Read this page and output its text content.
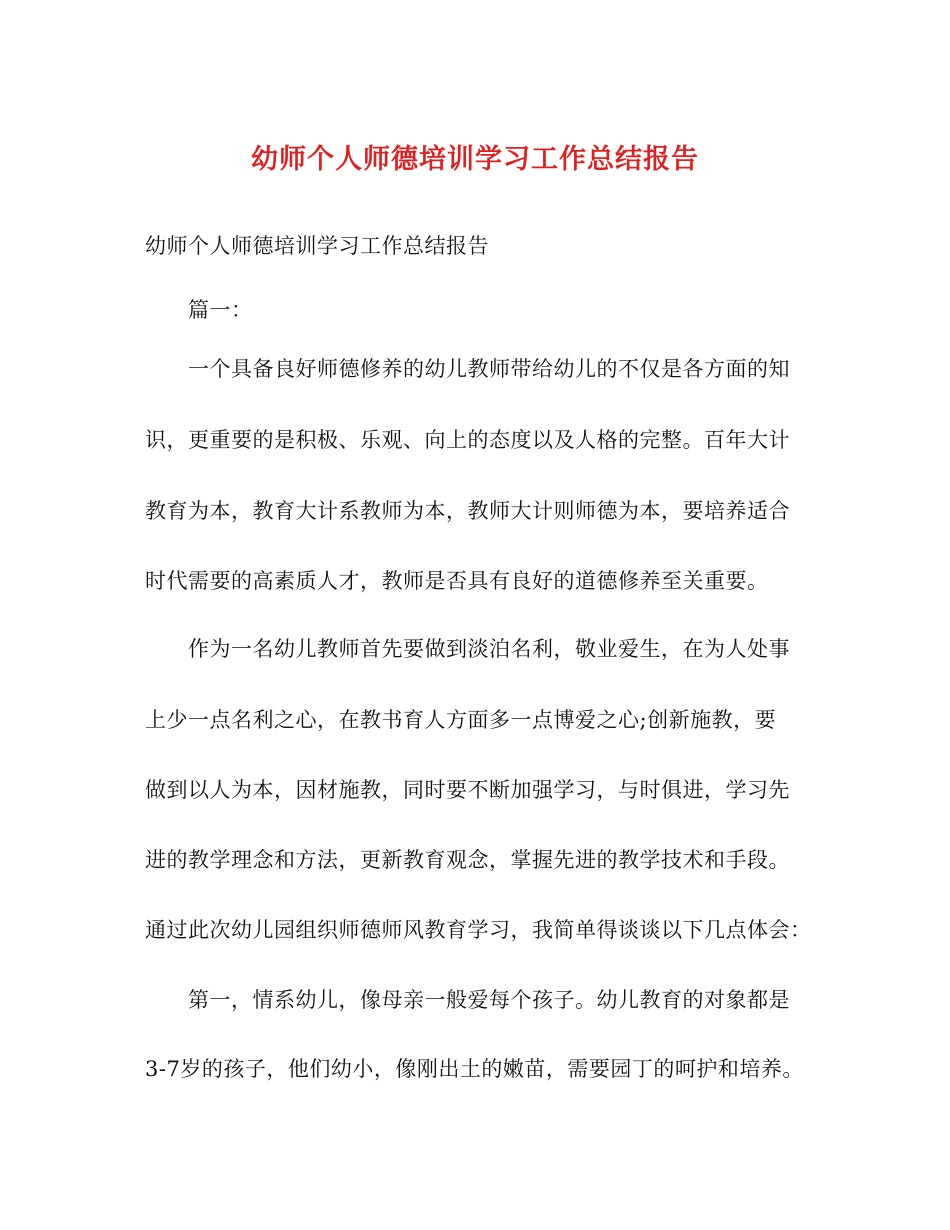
幼师个人师德培训学习工作总结报告
幼师个人师德培训学习工作总结报告
篇一：
一个具备良好师德修养的幼儿教师带给幼儿的不仅是各方面的知
识，更重要的是积极、乐观、向上的态度以及人格的完整。百年大计
教育为本，教育大计系教师为本，教师大计则师德为本，要培养适合
时代需要的高素质人才，教师是否具有良好的道德修养至关重要。
作为一名幼儿教师首先要做到淡泊名利，敬业爱生，在为人处事
上少一点名利之心，在教书育人方面多一点博爱之心;创新施教，要
做到以人为本，因材施教，同时要不断加强学习，与时俱进，学习先
进的教学理念和方法，更新教育观念，掌握先进的教学技术和手段。
通过此次幼儿园组织师德师风教育学习，我简单得谈谈以下几点体会：
第一，情系幼儿，像母亲一般爱每个孩子。幼儿教育的对象都是
3-7岁的孩子，他们幼小，像刚出土的嫩苗，需要园丁的呵护和培养。
